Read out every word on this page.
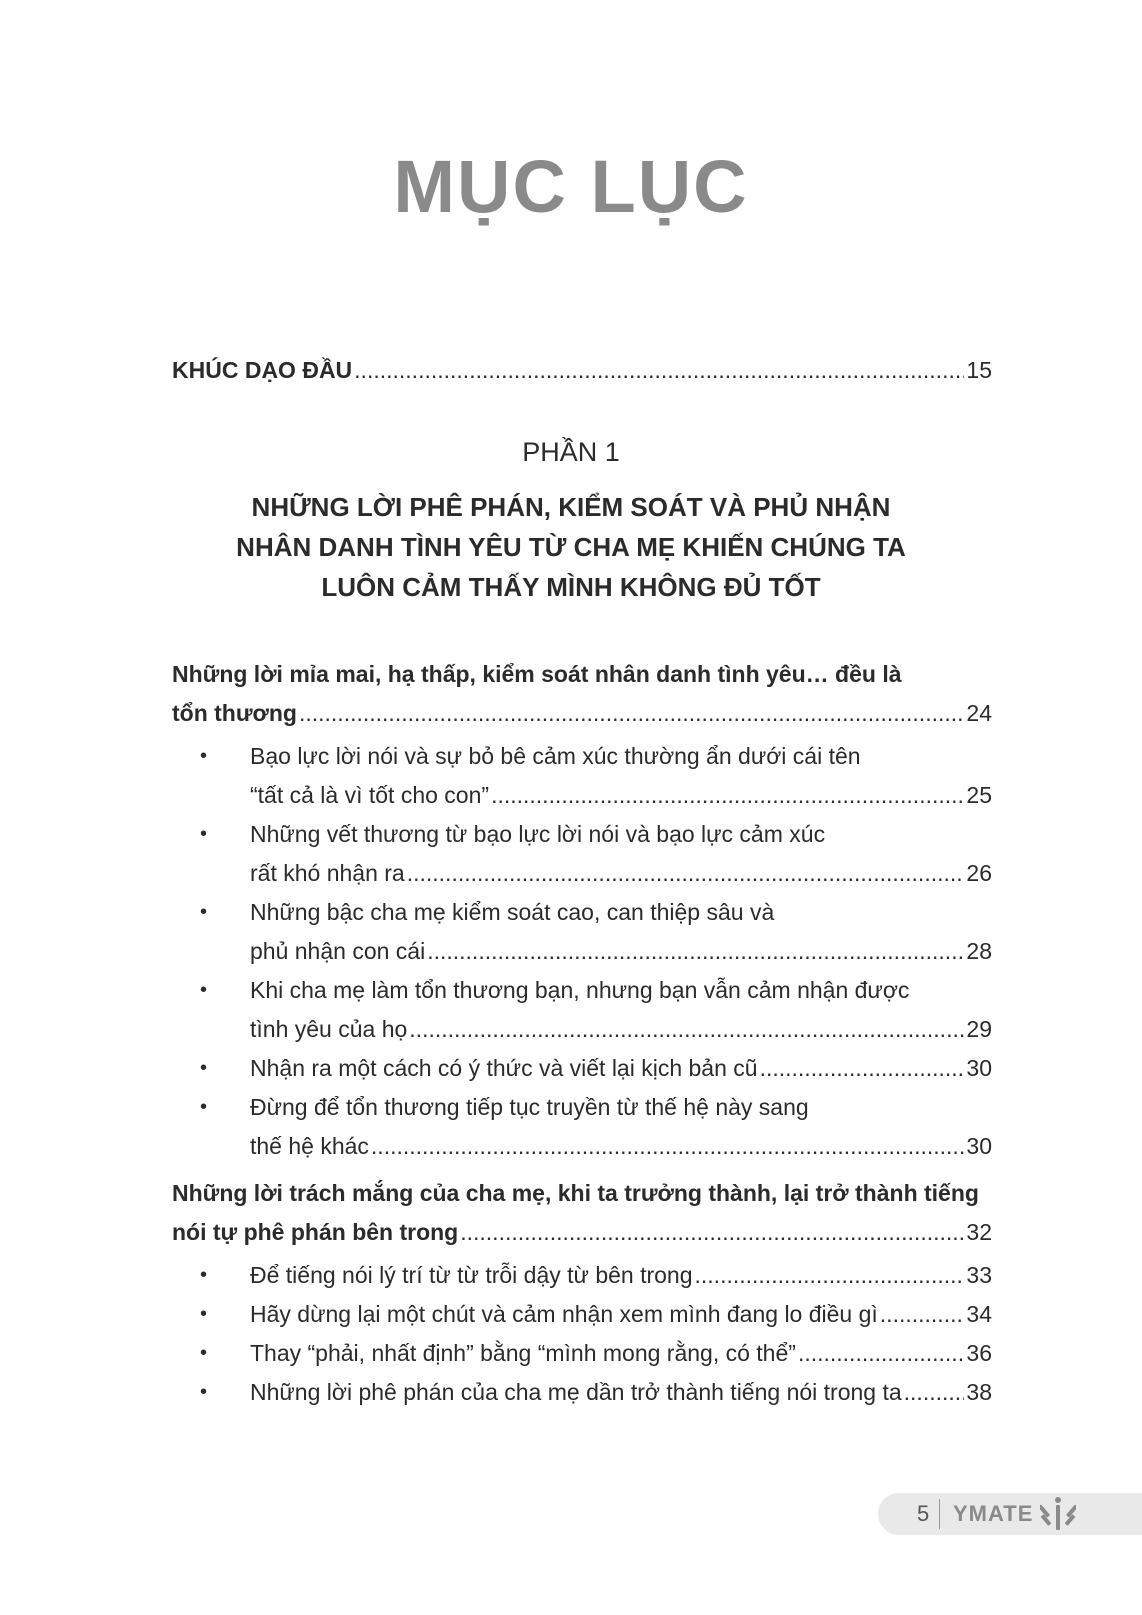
MỤC LỤC
KHÚC DẠO ĐẦU .....	15
PHẦN 1
NHỮNG LỜI PHÊ PHÁN, KIỂM SOÁT VÀ PHỦ NHẬN
NHÂN DANH TÌNH YÊU TỪ CHA MẸ KHIẾN CHÚNG TA
LUÔN CẢM THẤY MÌNH KHÔNG ĐỦ TỐT
Những lời mỉa mai, hạ thấp, kiểm soát nhân danh tình yêu… đều là
tổn thương .....	24
• Bạo lực lời nói và sự bỏ bê cảm xúc thường ẩn dưới cái tên
“tất cả là vì tốt cho con” .....	25
• Những vết thương từ bạo lực lời nói và bạo lực cảm xúc
rất khó nhận ra .....	26
• Những bậc cha mẹ kiểm soát cao, can thiệp sâu và
phủ nhận con cái .....	28
• Khi cha mẹ làm tổn thương bạn, nhưng bạn vẫn cảm nhận được
tình yêu của họ .....	29
• Nhận ra một cách có ý thức và viết lại kịch bản cũ .....	30
• Đừng để tổn thương tiếp tục truyền từ thế hệ này sang
thế hệ khác .....	30
Những lời trách mắng của cha mẹ, khi ta trưởng thành, lại trở thành tiếng
nói tự phê phán bên trong .....	32
• Để tiếng nói lý trí từ từ trỗi dậy từ bên trong .....	33
• Hãy dừng lại một chút và cảm nhận xem mình đang lo điều gì .....	34
• Thay “phải, nhất định” bằng “mình mong rằng, có thể” .....	36
• Những lời phê phán của cha mẹ dần trở thành tiếng nói trong ta .....	38
5 YMATE
